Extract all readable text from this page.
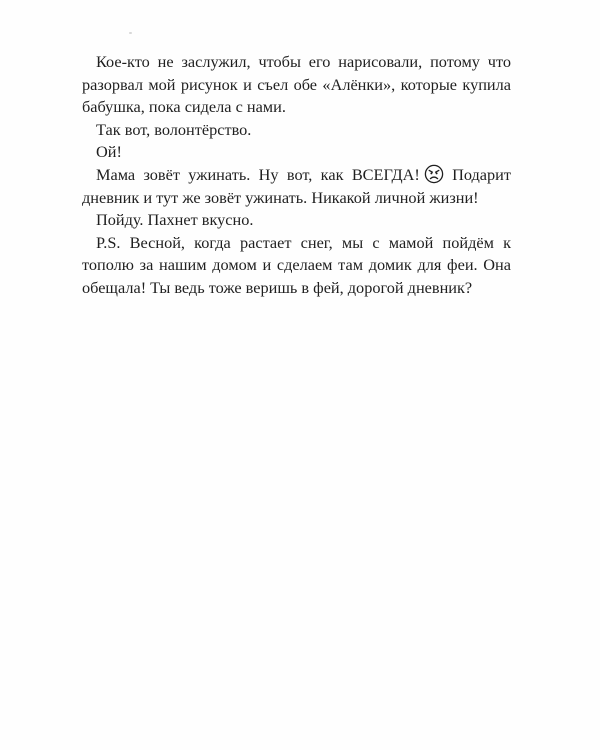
Кое-кто не заслужил, чтобы его нарисовали, потому что разорвал мой рисунок и съел обе «Алёнки», которые купила бабушка, пока сидела с нами.

Так вот, волонтёрство.

Ой!

Мама зовёт ужинать. Ну вот, как ВСЕГДА!
Подарит дневник и тут же зовёт ужинать. Никакой личной жизни!

Пойду. Пахнет вкусно.

P.S. Весной, когда растает снег, мы с мамой пойдём к тополю за нашим домом и сделаем там домик для феи. Она обещала! Ты ведь тоже веришь в фей, дорогой дневник?
